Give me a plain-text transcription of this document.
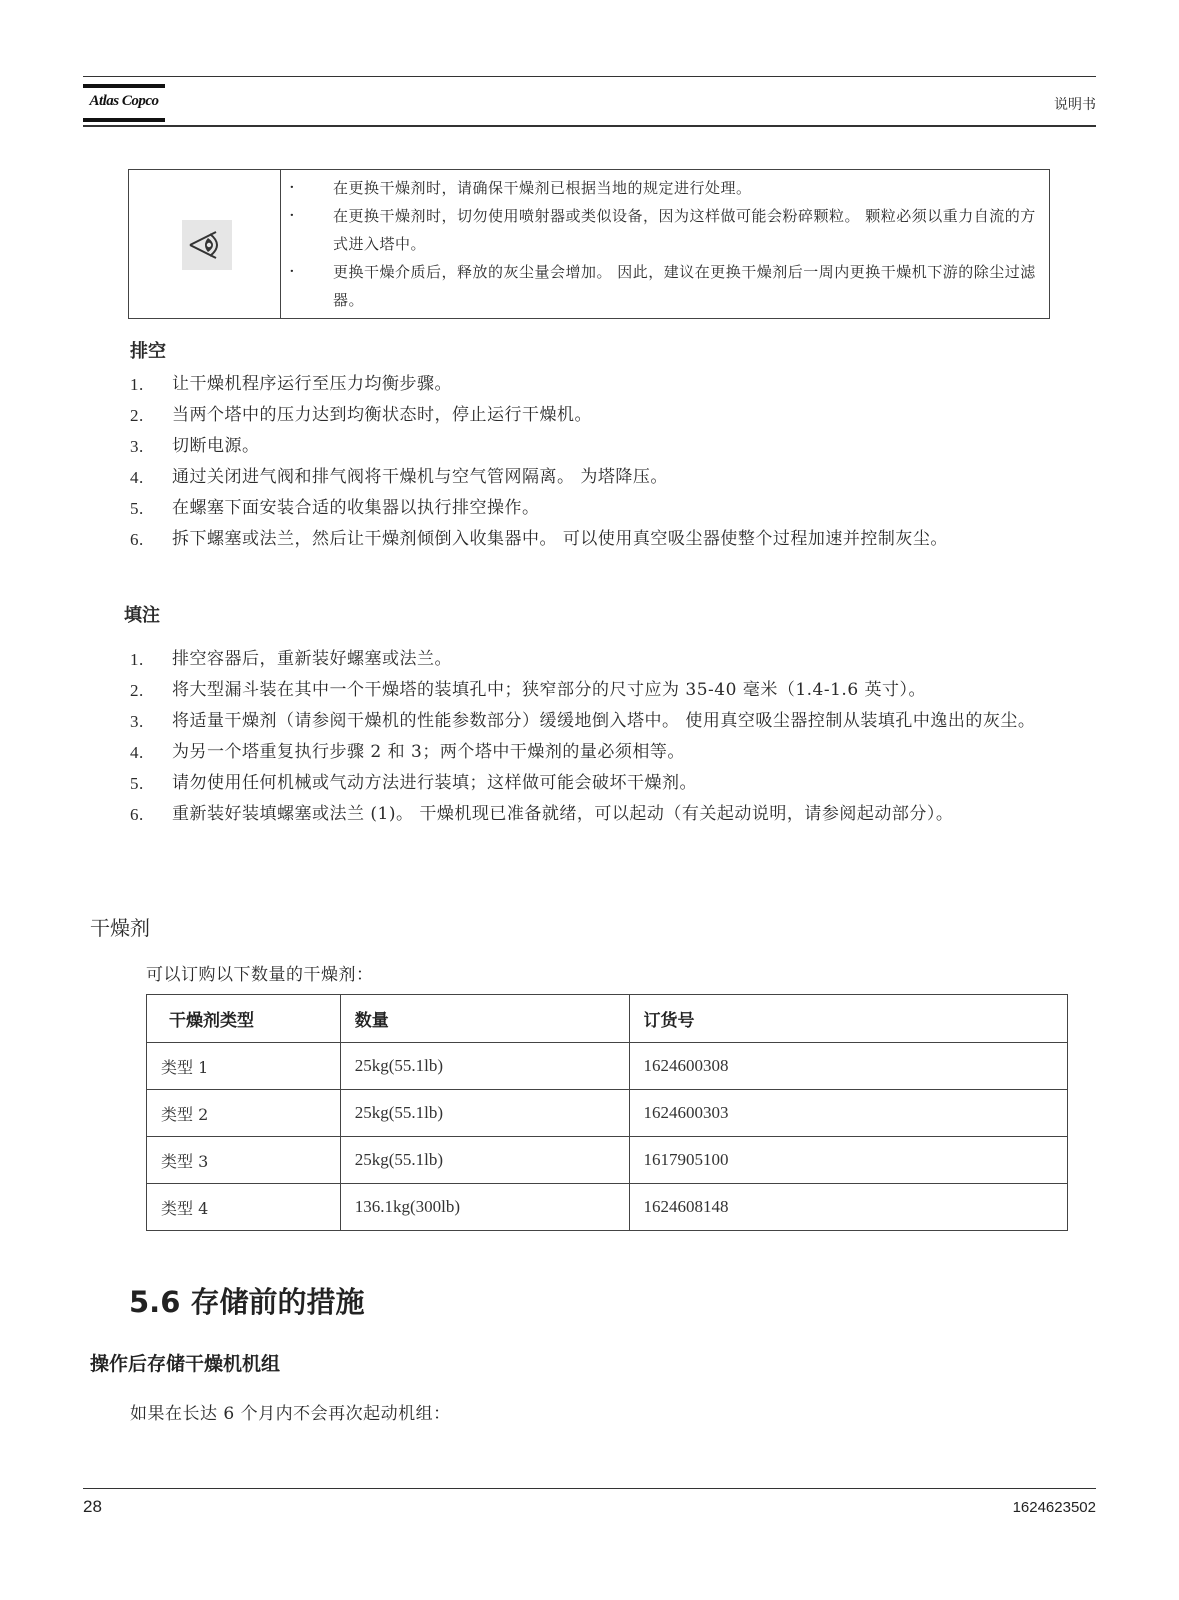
Atlas Copco	说明书
· 在更换干燥剂时，请确保干燥剂已根据当地的规定进行处理。
· 在更换干燥剂时，切勿使用喷射器或类似设备，因为这样做可能会粉碎颗粒。 颗粒必须以重力自流的方式进入塔中。
· 更换干燥介质后，释放的灰尘量会增加。 因此，建议在更换干燥剂后一周内更换干燥机下游的除尘过滤器。
排空
1. 让干燥机程序运行至压力均衡步骤。
2. 当两个塔中的压力达到均衡状态时，停止运行干燥机。
3. 切断电源。
4. 通过关闭进气阀和排气阀将干燥机与空气管网隔离。 为塔降压。
5. 在螺塞下面安装合适的收集器以执行排空操作。
6. 拆下螺塞或法兰，然后让干燥剂倾倒入收集器中。 可以使用真空吸尘器使整个过程加速并控制灰尘。
填注
1. 排空容器后，重新装好螺塞或法兰。
2. 将大型漏斗装在其中一个干燥塔的装填孔中；狭窄部分的尺寸应为 35-40 毫米（1.4-1.6 英寸）。
3. 将适量干燥剂（请参阅干燥机的性能参数部分）缓缓地倒入塔中。 使用真空吸尘器控制从装填孔中逸出的灰尘。
4. 为另一个塔重复执行步骤 2 和 3；两个塔中干燥剂的量必须相等。
5. 请勿使用任何机械或气动方法进行装填；这样做可能会破坏干燥剂。
6. 重新装好装填螺塞或法兰 (1)。 干燥机现已准备就绪，可以起动（有关起动说明，请参阅起动部分）。
干燥剂
可以订购以下数量的干燥剂：
干燥剂类型	数量	订货号
类型 1	25kg(55.1lb)	1624600308
类型 2	25kg(55.1lb)	1624600303
类型 3	25kg(55.1lb)	1617905100
类型 4	136.1kg(300lb)	1624608148
5.6 存储前的措施
操作后存储干燥机机组
如果在长达 6 个月内不会再次起动机组：
28	1624623502
